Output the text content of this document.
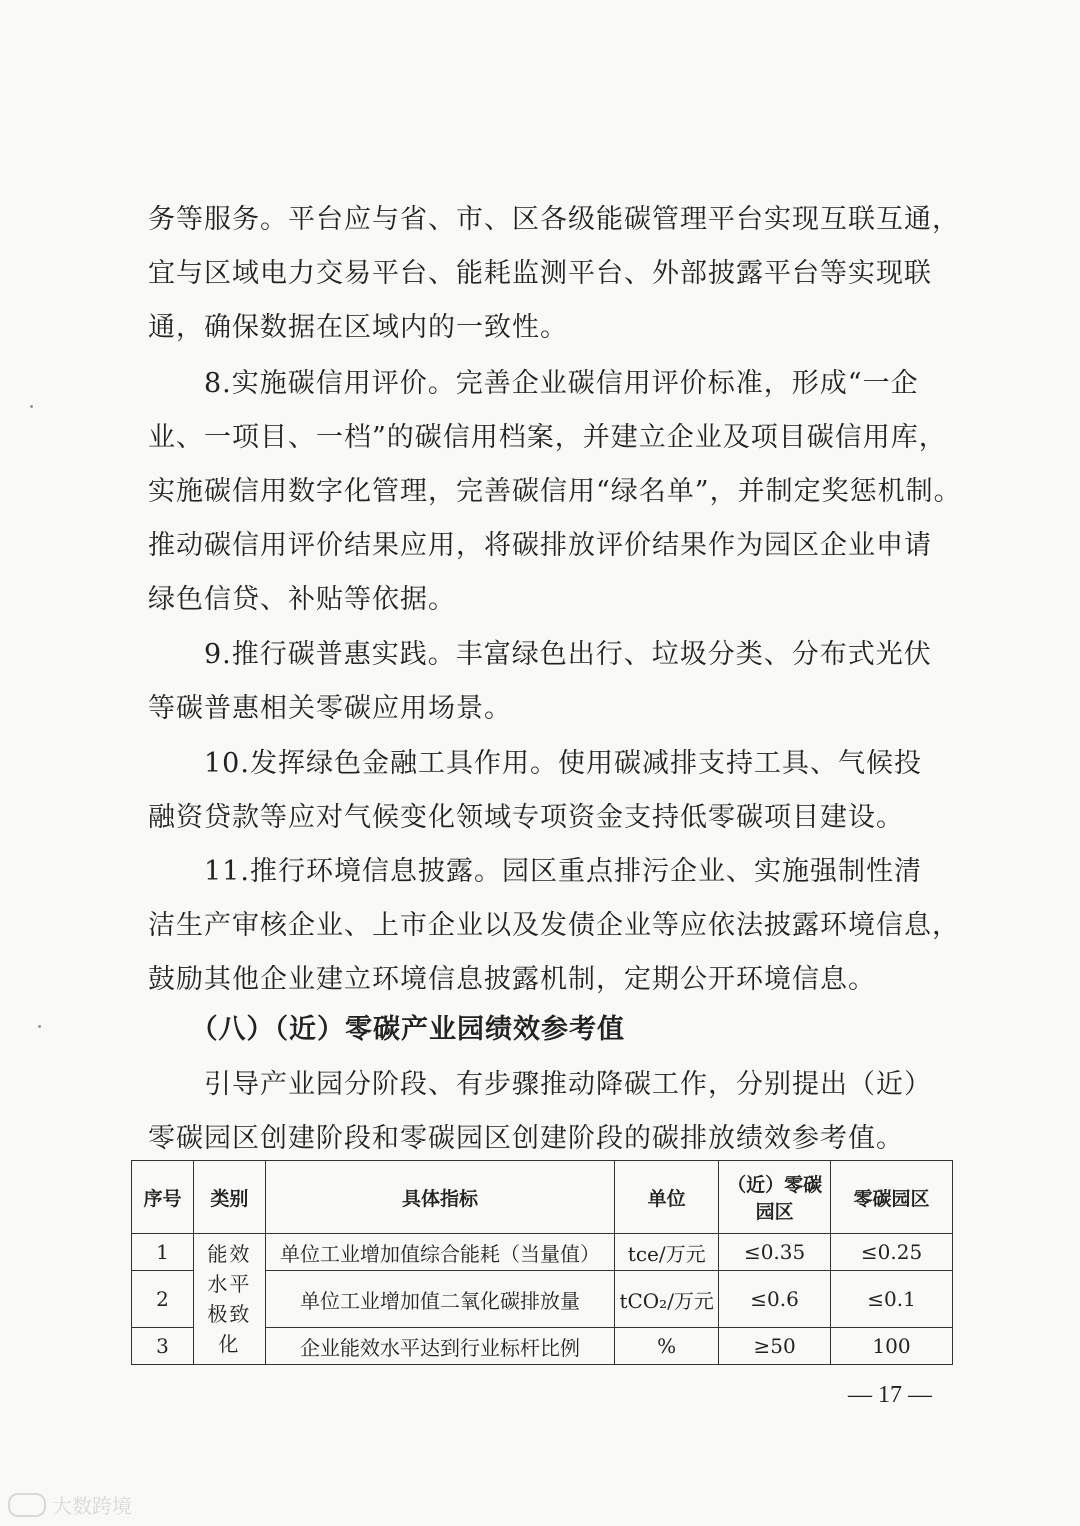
务等服务。平台应与省、市、区各级能碳管理平台实现互联互通，
宜与区域电力交易平台、能耗监测平台、外部披露平台等实现联
通，确保数据在区域内的一致性。
　　8.实施碳信用评价。完善企业碳信用评价标准，形成“一企
业、一项目、一档”的碳信用档案，并建立企业及项目碳信用库，
实施碳信用数字化管理，完善碳信用“绿名单”，并制定奖惩机制。
推动碳信用评价结果应用，将碳排放评价结果作为园区企业申请
绿色信贷、补贴等依据。
　　9.推行碳普惠实践。丰富绿色出行、垃圾分类、分布式光伏
等碳普惠相关零碳应用场景。
　　10.发挥绿色金融工具作用。使用碳减排支持工具、气候投
融资贷款等应对气候变化领域专项资金支持低零碳项目建设。
　　11.推行环境信息披露。园区重点排污企业、实施强制性清
洁生产审核企业、上市企业以及发债企业等应依法披露环境信息，
鼓励其他企业建立环境信息披露机制，定期公开环境信息。
　　（八）（近）零碳产业园绩效参考值
　　引导产业园分阶段、有步骤推动降碳工作，分别提出（近）
零碳园区创建阶段和零碳园区创建阶段的碳排放绩效参考值。
序号	类别	具体指标	单位	（近）零碳园区	零碳园区
1	能效水平极致化	单位工业增加值综合能耗（当量值）	tce/万元	≤0.35	≤0.25
2		单位工业增加值二氧化碳排放量	tCO₂/万元	≤0.6	≤0.1
3		企业能效水平达到行业标杆比例	%	≥50	100
— 17 —
大数跨境
